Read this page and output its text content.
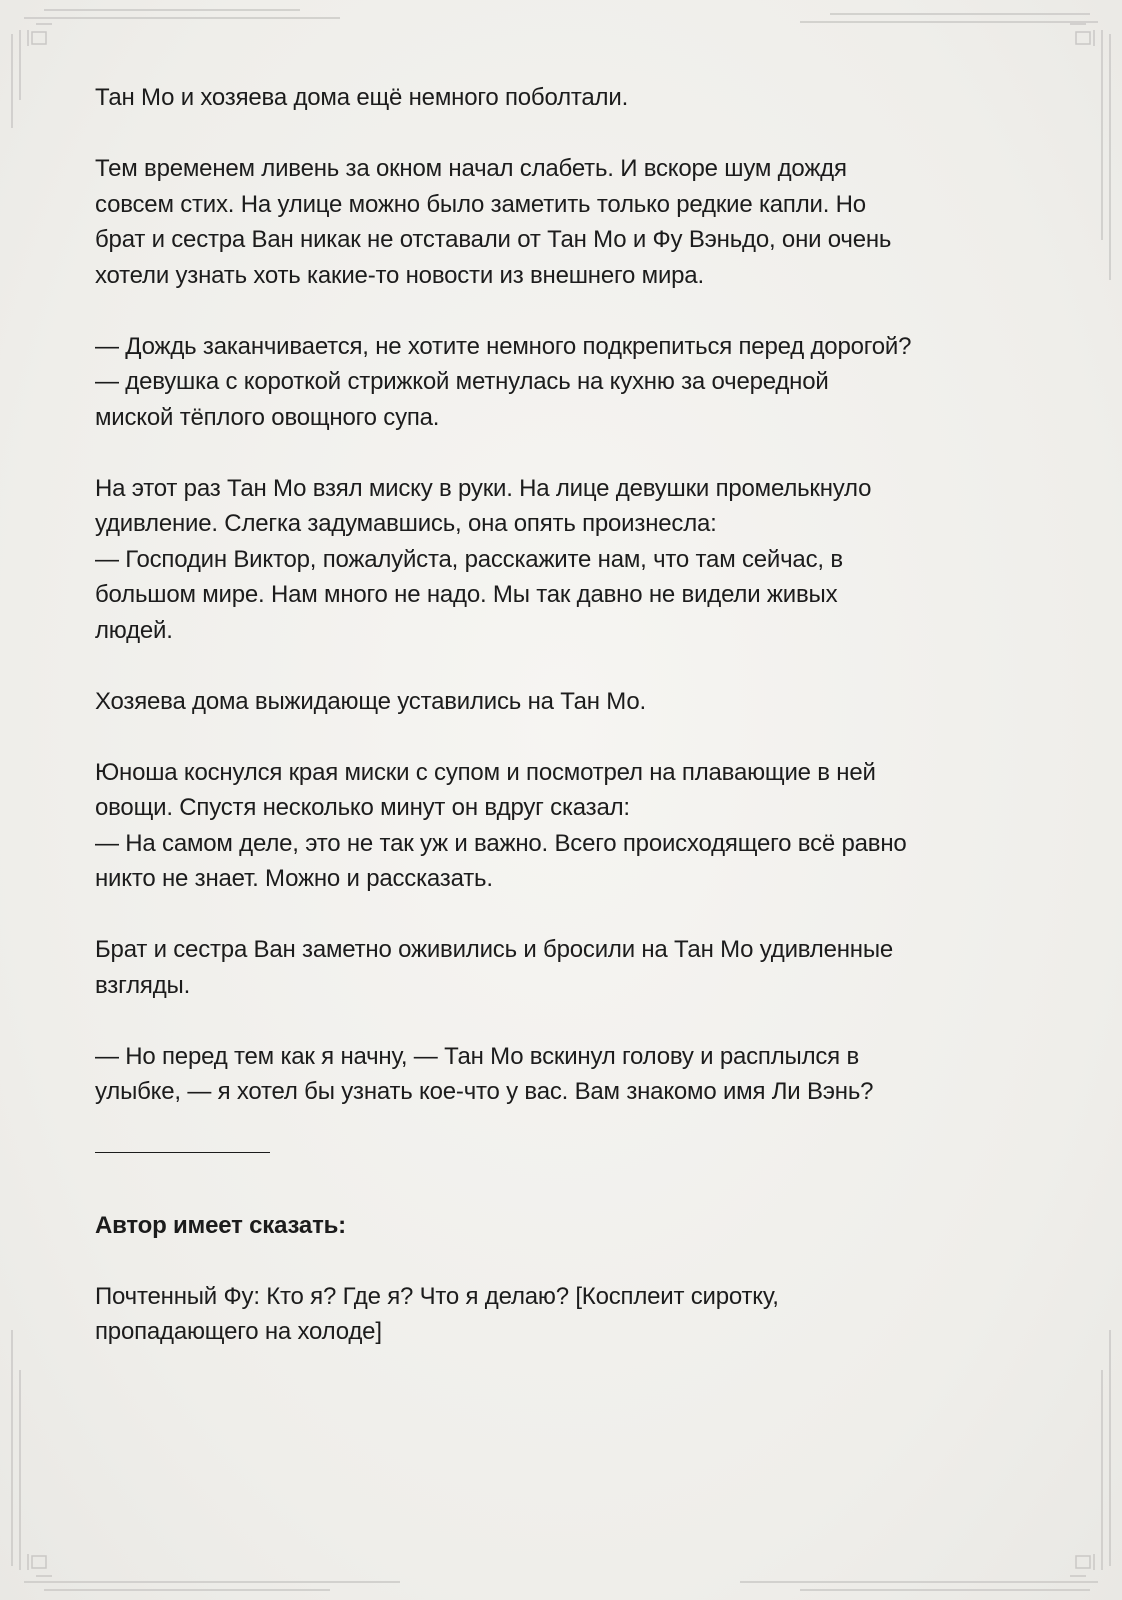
Тан Мо и хозяева дома ещё немного поболтали.

Тем временем ливень за окном начал слабеть. И вскоре шум дождя
совсем стих. На улице можно было заметить только редкие капли. Но
брат и сестра Ван никак не отставали от Тан Мо и Фу Вэньдо, они очень
хотели узнать хоть какие-то новости из внешнего мира.

— Дождь заканчивается, не хотите немного подкрепиться перед дорогой?
— девушка с короткой стрижкой метнулась на кухню за очередной
миской тёплого овощного супа.

На этот раз Тан Мо взял миску в руки. На лице девушки промелькнуло
удивление. Слегка задумавшись, она опять произнесла:
— Господин Виктор, пожалуйста, расскажите нам, что там сейчас, в
большом мире. Нам много не надо. Мы так давно не видели живых
людей.

Хозяева дома выжидающе уставились на Тан Мо.

Юноша коснулся края миски с супом и посмотрел на плавающие в ней
овощи. Спустя несколько минут он вдруг сказал:
— На самом деле, это не так уж и важно. Всего происходящего всё равно
никто не знает. Можно и рассказать.

Брат и сестра Ван заметно оживились и бросили на Тан Мо удивленные
взгляды.

— Но перед тем как я начну, — Тан Мо вскинул голову и расплылся в
улыбке, — я хотел бы узнать кое-что у вас. Вам знакомо имя Ли Вэнь?

Автор имеет сказать:

Почтенный Фу: Кто я? Где я? Что я делаю? [Косплеит сиротку,
пропадающего на холоде]
